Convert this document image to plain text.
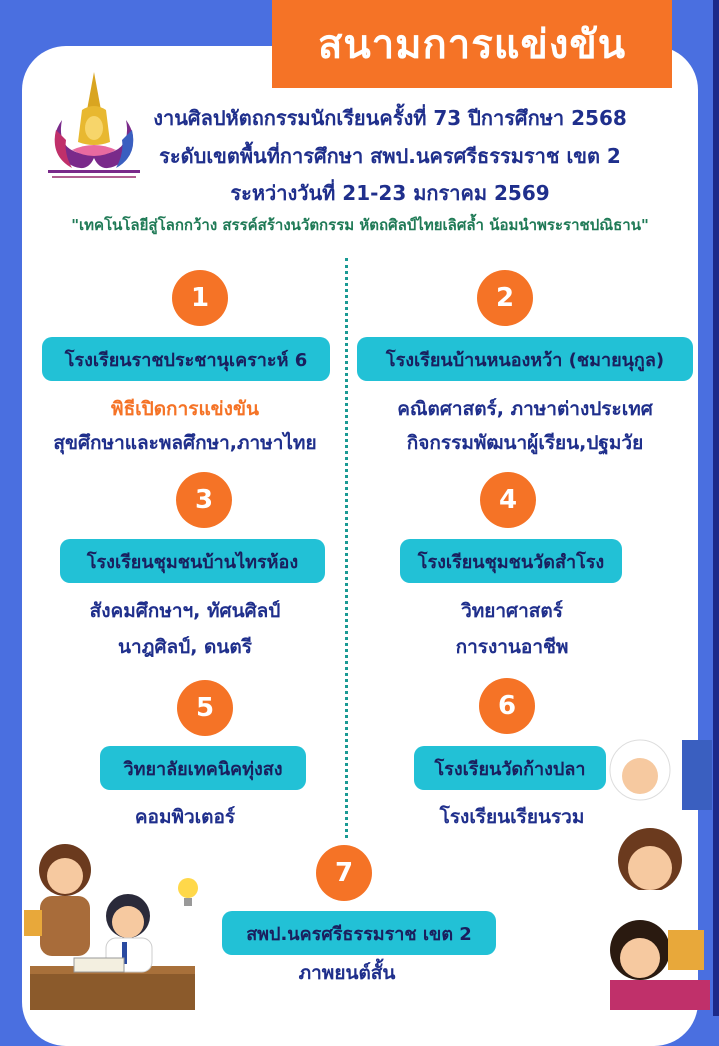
สนามการแข่งขัน
งานศิลปหัตถกรรมนักเรียนครั้งที่ 73 ปีการศึกษา 2568
ระดับเขตพื้นที่การศึกษา สพป.นครศรีธรรมราช เขต 2
ระหว่างวันที่ 21-23 มกราคม 2569
"เทคโนโลยีสู่โลกกว้าง สรรค์สร้างนวัตกรรม หัตถศิลป์ไทยเลิศล้ำ น้อมนำพระราชปณิธาน"
1
โรงเรียนราชประชานุเคราะห์ 6
พิธีเปิดการแข่งขัน
สุขศึกษาและพลศึกษา,ภาษาไทย
2
โรงเรียนบ้านหนองหว้า (ชมายนุกูล)
คณิตศาสตร์, ภาษาต่างประเทศ
กิจกรรมพัฒนาผู้เรียน,ปฐมวัย
3
โรงเรียนชุมชนบ้านไทรห้อง
สังคมศึกษาฯ, ทัศนศิลป์
นาฎศิลป์, ดนตรี
4
โรงเรียนชุมชนวัดสำโรง
วิทยาศาสตร์
การงานอาชีพ
5
วิทยาลัยเทคนิคทุ่งสง
คอมพิวเตอร์
6
โรงเรียนวัดก้างปลา
โรงเรียนเรียนรวม
7
สพป.นครศรีธรรมราช เขต 2
ภาพยนต์สั้น
